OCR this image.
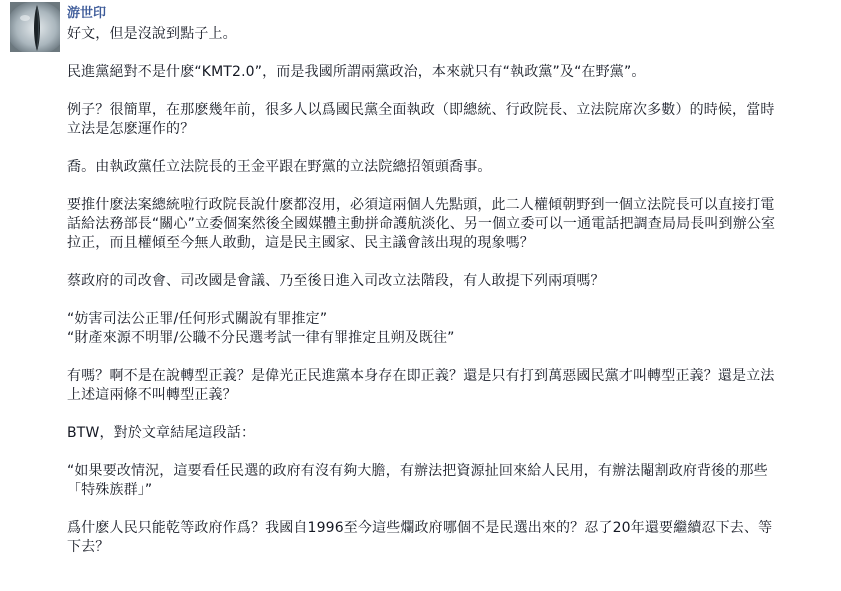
游世印

好文，但是沒說到點子上。

民進黨絕對不是什麽“KMT2.0”，而是我國所謂兩黨政治，本來就只有“執政黨”及“在野黨”。

例子？很簡單，在那麽幾年前，很多人以爲國民黨全面執政（即總統、行政院長、立法院席次多數）的時候，當時
立法是怎麽運作的？

喬。由執政黨任立法院長的王金平跟在野黨的立法院總招領頭喬事。

要推什麽法案總統啦行政院長說什麽都沒用，必須這兩個人先點頭，此二人權傾朝野到一個立法院長可以直接打電
話給法務部長“關心”立委個案然後全國媒體主動拼命護航淡化、另一個立委可以一通電話把調查局局長叫到辦公室
拉正，而且權傾至今無人敢動，這是民主國家、民主議會該出現的現象嗎？

蔡政府的司改會、司改國是會議、乃至後日進入司改立法階段，有人敢提下列兩項嗎？

“妨害司法公正罪/任何形式關說有罪推定”
“財產來源不明罪/公職不分民選考試一律有罪推定且朔及既往”

有嗎？啊不是在說轉型正義？是偉光正民進黨本身存在即正義？還是只有打到萬惡國民黨才叫轉型正義？還是立法
上述這兩條不叫轉型正義？

BTW，對於文章結尾這段話：

“如果要改情況，這要看任民選的政府有沒有夠大膽，有辦法把資源扯回來給人民用，有辦法閹割政府背後的那些
「特殊族群」”

爲什麽人民只能乾等政府作爲？我國自1996至今這些爛政府哪個不是民選出來的？忍了20年還要繼續忍下去、等
下去？
